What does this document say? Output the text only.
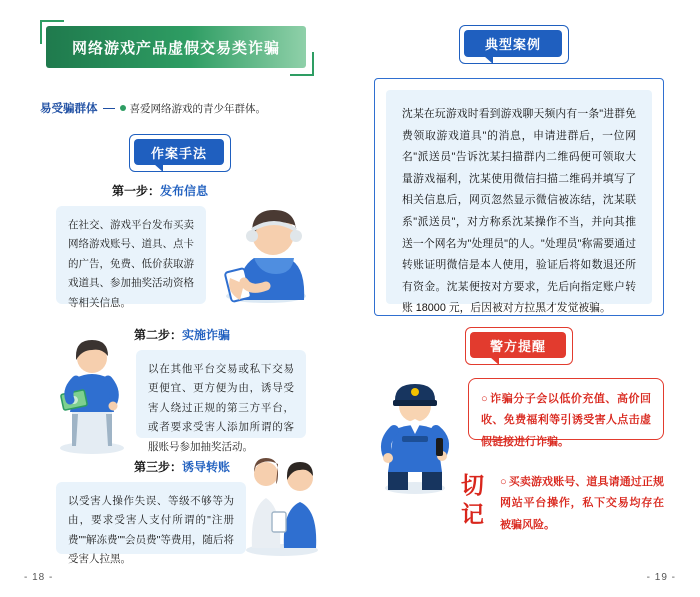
网络游戏产品虚假交易类诈骗
易受骗群体	喜爱网络游戏的青少年群体。
作案手法
第一步：发布信息
在社交、游戏平台发布买卖网络游戏账号、道具、点卡的广告，免费、低价获取游戏道具、参加抽奖活动资格等相关信息。
第二步：实施诈骗
以在其他平台交易或私下交易更便宜、更方便为由，诱导受害人绕过正规的第三方平台，或者要求受害人添加所谓的客服账号参加抽奖活动。
第三步：诱导转账
以受害人操作失误、等级不够等为由，要求受害人支付所谓的"注册费""解冻费""会员费"等费用，随后将受害人拉黑。
- 18 -
典型案例
沈某在玩游戏时看到游戏聊天频内有一条"进群免费领取游戏道具"的消息，申请进群后，一位网名"派送员"告诉沈某扫描群内二维码便可领取大量游戏福利，沈某使用微信扫描二维码并填写了相关信息后，网页忽然显示微信被冻结，沈某联系"派送员"，对方称系沈某操作不当，并向其推送一个网名为"处理员"的人。"处理员"称需要通过转账证明微信是本人使用，验证后将如数退还所有资金。沈某便按对方要求，先后向指定账户转账 18000 元，后因被对方拉黑才发觉被骗。
警方提醒
○ 诈骗分子会以低价充值、高价回收、免费福利等引诱受害人点击虚假链接进行诈骗。
切记
○ 买卖游戏账号、道具请通过正规网站平台操作，私下交易均存在被骗风险。
- 19 -
